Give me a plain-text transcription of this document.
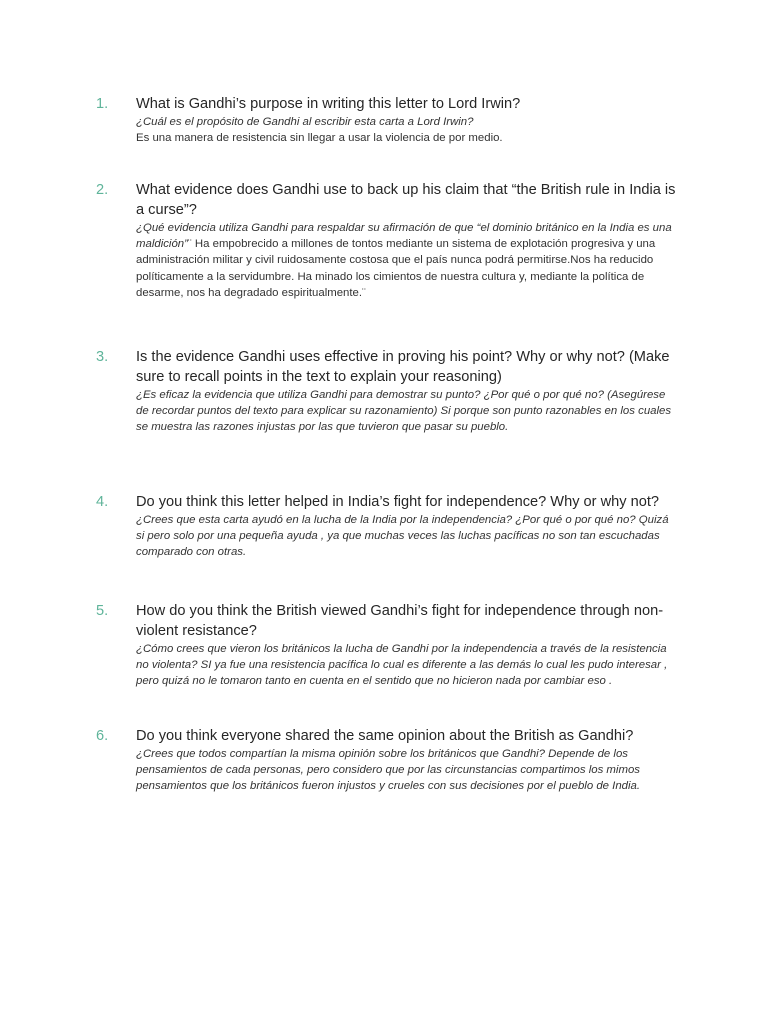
1.	What is Gandhi’s purpose in writing this letter to Lord Irwin?

¿Cuál es el propósito de Gandhi al escribir esta carta a Lord Irwin?
Es una manera de resistencia sin llegar a usar la violencia de por medio.

2.	What evidence does Gandhi use to back up his claim that “the British rule in India is a curse”?

¿Qué evidencia utiliza Gandhi para respaldar su afirmación de que “el dominio británico en la India es una maldición”¨ Ha empobrecido a millones de tontos mediante un sistema de explotación progresiva y una administración militar y civil ruidosamente costosa que el país nunca podrá permitirse.Nos ha reducido políticamente a la servidumbre. Ha minado los cimientos de nuestra cultura y, mediante la política de desarme, nos ha degradado espiritualmente.¨

3.	Is the evidence Gandhi uses effective in proving his point? Why or why not? (Make sure to recall points in the text to explain your reasoning)

¿Es eficaz la evidencia que utiliza Gandhi para demostrar su punto? ¿Por qué o por qué no? (Asegúrese de recordar puntos del texto para explicar su razonamiento) Si porque son punto razonables en los cuales se muestra las razones injustas por las que tuvieron que pasar su pueblo.

4.	Do you think this letter helped in India’s fight for independence? Why or why not?

¿Crees que esta carta ayudó en la lucha de la India por la independencia? ¿Por qué o por qué no? Quizá si pero solo por una pequeña ayuda , ya que muchas veces las luchas pacíficas no son tan escuchadas comparado con otras.

5.	How do you think the British viewed Gandhi’s fight for independence through non-violent resistance?

¿Cómo crees que vieron los británicos la lucha de Gandhi por la independencia a través de la resistencia no violenta? SI ya fue una resistencia pacífica lo cual es diferente a las demás lo cual les pudo interesar , pero quizá no le tomaron tanto en cuenta en el sentido que no hicieron nada por cambiar eso .

6.	Do you think everyone shared the same opinion about the British as Gandhi?

¿Crees que todos compartían la misma opinión sobre los británicos que Gandhi? Depende de los pensamientos de cada personas, pero considero que por las circunstancias compartimos los mimos pensamientos que los británicos fueron injustos y crueles con sus decisiones por el pueblo de India.
